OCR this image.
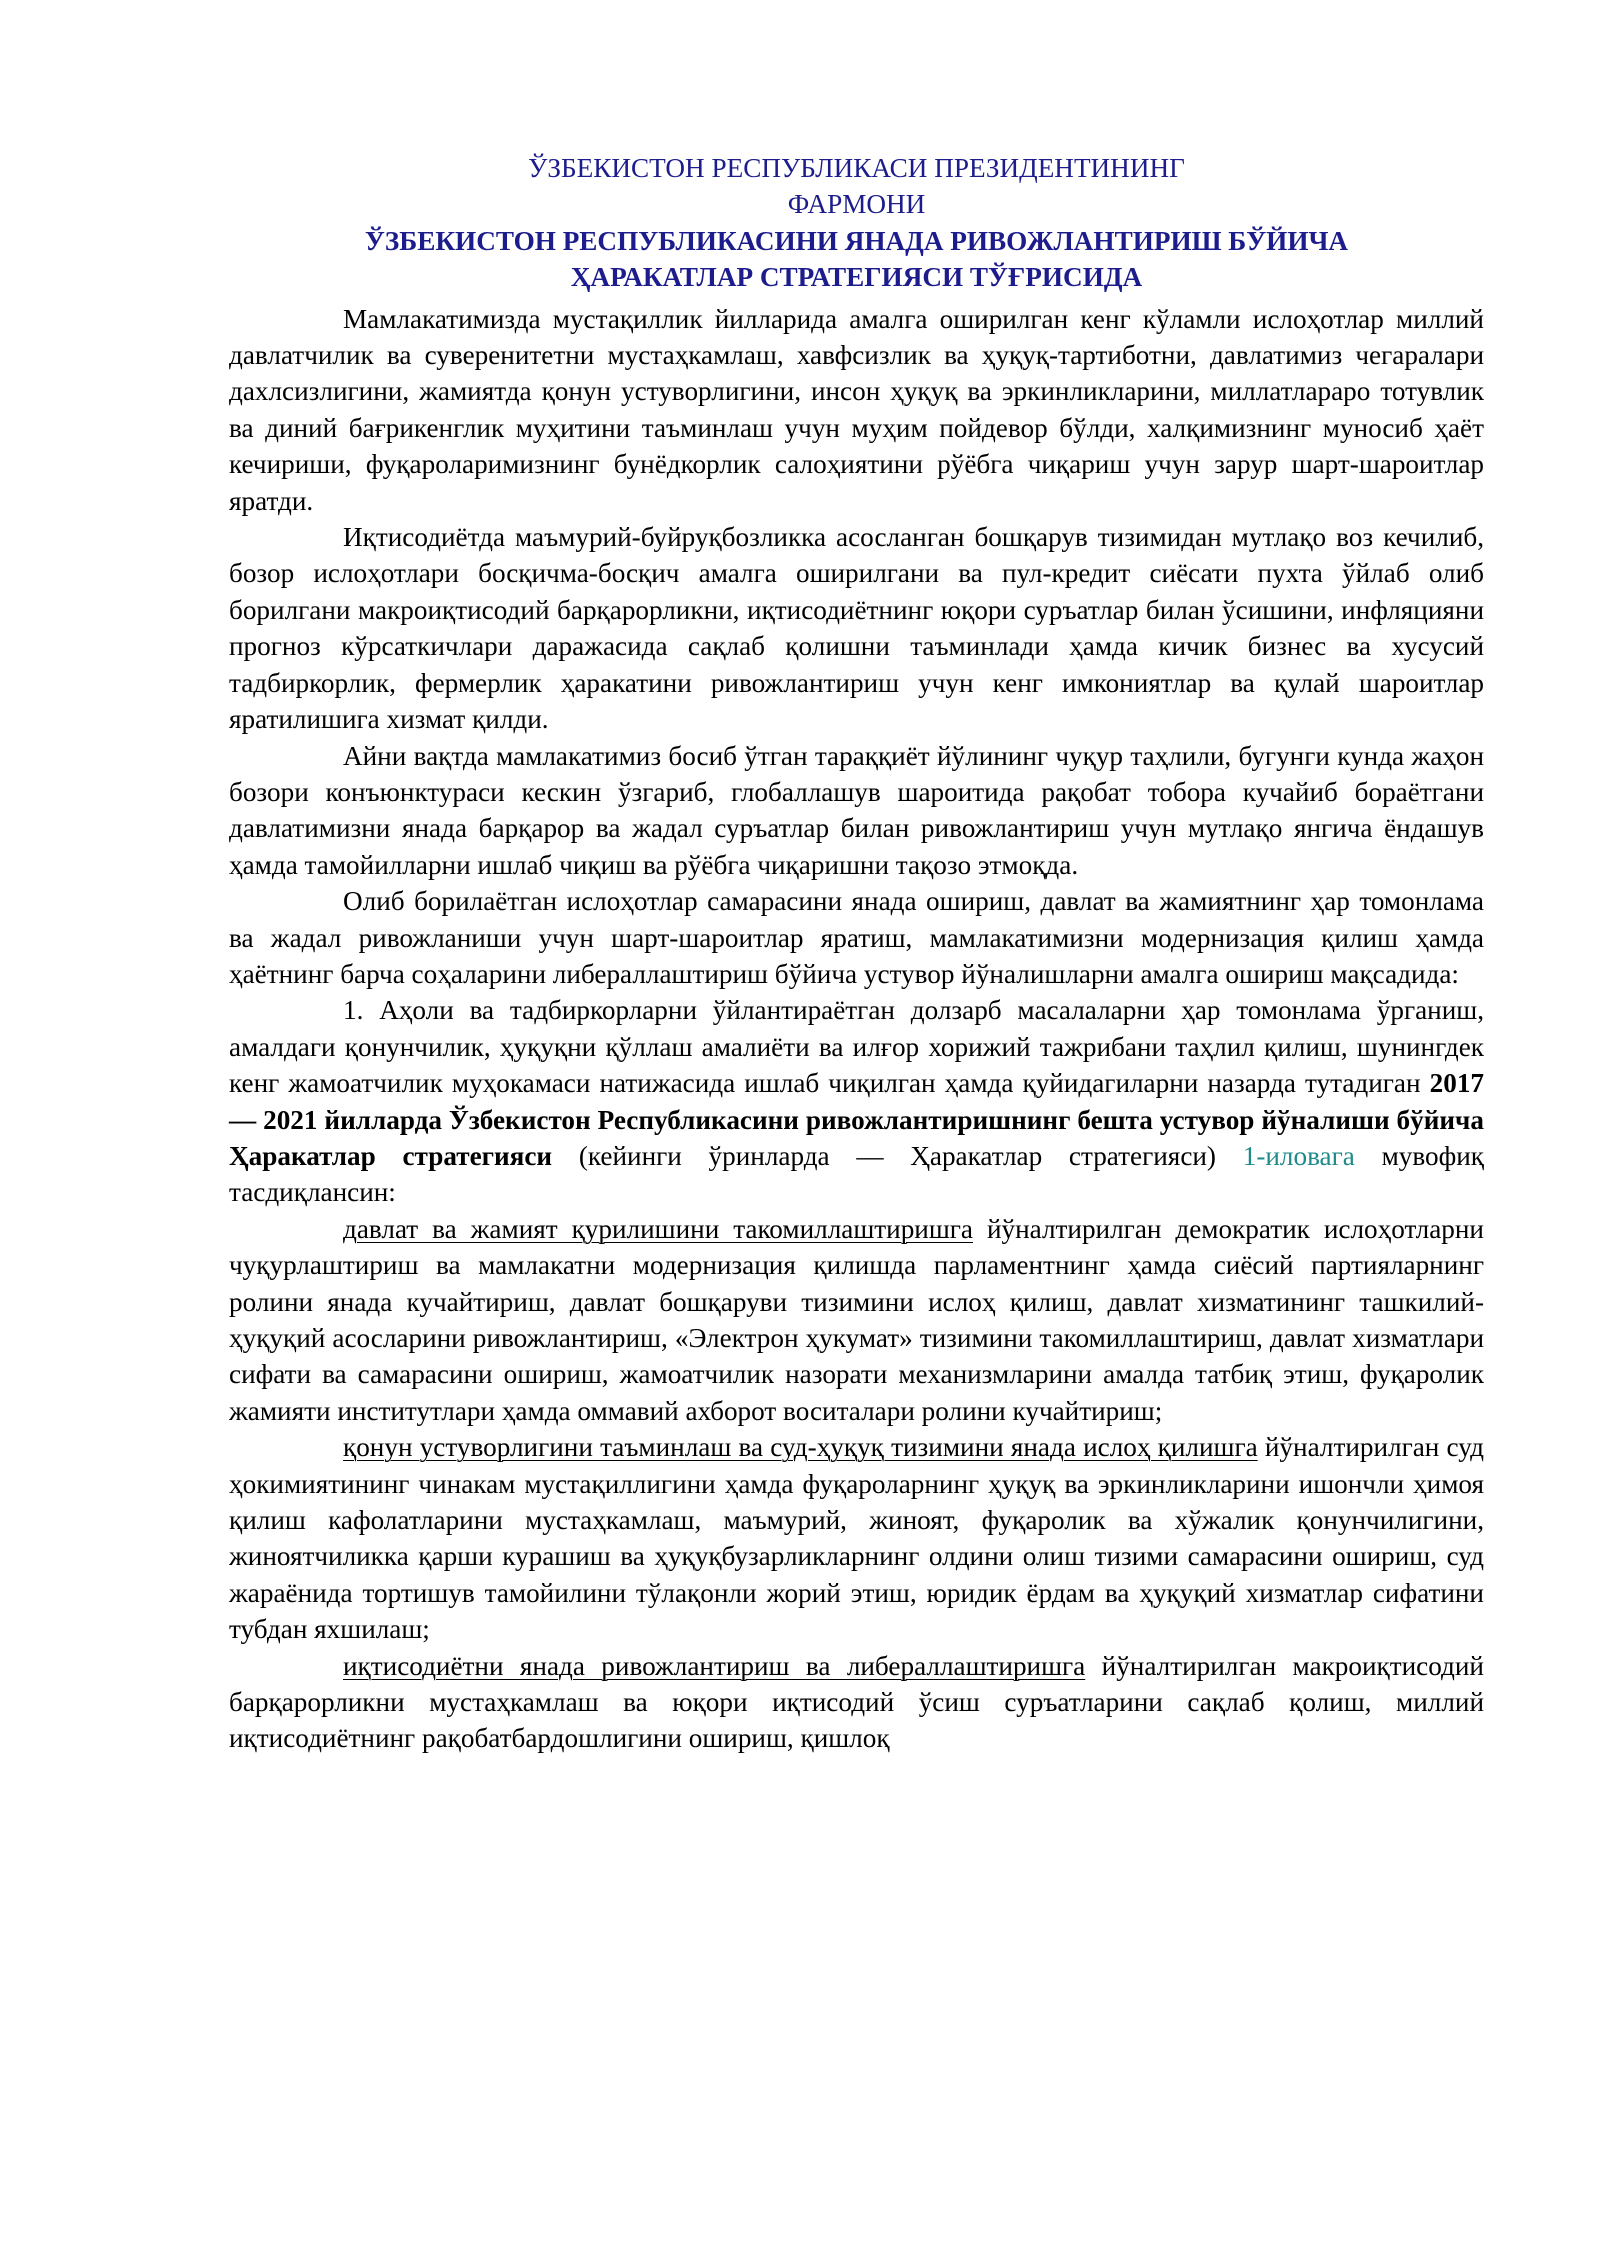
ЎЗБЕКИСТОН РЕСПУБЛИКАСИ ПРЕЗИДЕНТИНИНГ
ФАРМОНИ
ЎЗБЕКИСТОН РЕСПУБЛИКАСИНИ ЯНАДА РИВОЖЛАНТИРИШ БЎЙИЧА
ҲАРАКАТЛАР СТРАТЕГИЯСИ ТЎҒРИСИДА

Мамлакатимизда мустақиллик йилларида амалга оширилган кенг кўламли ислоҳотлар миллий давлатчилик ва суверенитетни мустаҳкамлаш, хавфсизлик ва ҳуқуқ-тартиботни, давлатимиз чегаралари дахлсизлигини, жамиятда қонун устуворлигини, инсон ҳуқуқ ва эркинликларини, миллатлараро тотувлик ва диний бағрикенглик муҳитини таъминлаш учун муҳим пойдевор бўлди, халқимизнинг муносиб ҳаёт кечириши, фуқароларимизнинг бунёдкорлик салоҳиятини рўёбга чиқариш учун зарур шарт-шароитлар яратди.

Иқтисодиётда маъмурий-буйруқбозликка асосланган бошқарув тизимидан мутлақо воз кечилиб, бозор ислоҳотлари босқичма-босқич амалга оширилгани ва пул-кредит сиёсати пухта ўйлаб олиб борилгани макроиқтисодий барқарорликни, иқтисодиётнинг юқори суръатлар билан ўсишини, инфляцияни прогноз кўрсаткичлари даражасида сақлаб қолишни таъминлади ҳамда кичик бизнес ва хусусий тадбиркорлик, фермерлик ҳаракатини ривожлантириш учун кенг имкониятлар ва қулай шароитлар яратилишига хизмат қилди.

Айни вақтда мамлакатимиз босиб ўтган тараққиёт йўлининг чуқур таҳлили, бугунги кунда жаҳон бозори конъюнктураси кескин ўзгариб, глобаллашув шароитида рақобат тобора кучайиб бораётгани давлатимизни янада барқарор ва жадал суръатлар билан ривожлантириш учун мутлақо янгича ёндашув ҳамда тамойилларни ишлаб чиқиш ва рўёбга чиқаришни тақозо этмоқда.

Олиб борилаётган ислоҳотлар самарасини янада ошириш, давлат ва жамиятнинг ҳар томонлама ва жадал ривожланиши учун шарт-шароитлар яратиш, мамлакатимизни модернизация қилиш ҳамда ҳаётнинг барча соҳаларини либераллаштириш бўйича устувор йўналишларни амалга ошириш мақсадида:

1. Аҳоли ва тадбиркорларни ўйлантираётган долзарб масалаларни ҳар томонлама ўрганиш, амалдаги қонунчилик, ҳуқуқни қўллаш амалиёти ва илғор хорижий тажрибани таҳлил қилиш, шунингдек кенг жамоатчилик муҳокамаси натижасида ишлаб чиқилган ҳамда қуйидагиларни назарда тутадиган 2017 — 2021 йилларда Ўзбекистон Республикасини ривожлантиришнинг бешта устувор йўналиши бўйича Ҳаракатлар стратегияси (кейинги ўринларда — Ҳаракатлар стратегияси) 1-иловага мувофиқ тасдиқлансин:

давлат ва жамият қурилишини такомиллаштиришга йўналтирилган демократик ислоҳотларни чуқурлаштириш ва мамлакатни модернизация қилишда парламентнинг ҳамда сиёсий партияларнинг ролини янада кучайтириш, давлат бошқаруви тизимини ислоҳ қилиш, давлат хизматининг ташкилий-ҳуқуқий асосларини ривожлантириш, «Электрон ҳукумат» тизимини такомиллаштириш, давлат хизматлари сифати ва самарасини ошириш, жамоатчилик назорати механизмларини амалда татбиқ этиш, фуқаролик жамияти институтлари ҳамда оммавий ахборот воситалари ролини кучайтириш;

қонун устуворлигини таъминлаш ва суд-ҳуқуқ тизимини янада ислоҳ қилишга йўналтирилган суд ҳокимиятининг чинакам мустақиллигини ҳамда фуқароларнинг ҳуқуқ ва эркинликларини ишончли ҳимоя қилиш кафолатларини мустаҳкамлаш, маъмурий, жиноят, фуқаролик ва хўжалик қонунчилигини, жиноятчиликка қарши курашиш ва ҳуқуқбузарликларнинг олдини олиш тизими самарасини ошириш, суд жараёнида тортишув тамойилини тўлақонли жорий этиш, юридик ёрдам ва ҳуқуқий хизматлар сифатини тубдан яхшилаш;

иқтисодиётни янада ривожлантириш ва либераллаштиришга йўналтирилган макроиқтисодий барқарорликни мустаҳкамлаш ва юқори иқтисодий ўсиш суръатларини сақлаб қолиш, миллий иқтисодиётнинг рақобатбардошлигини ошириш, қишлоқ
